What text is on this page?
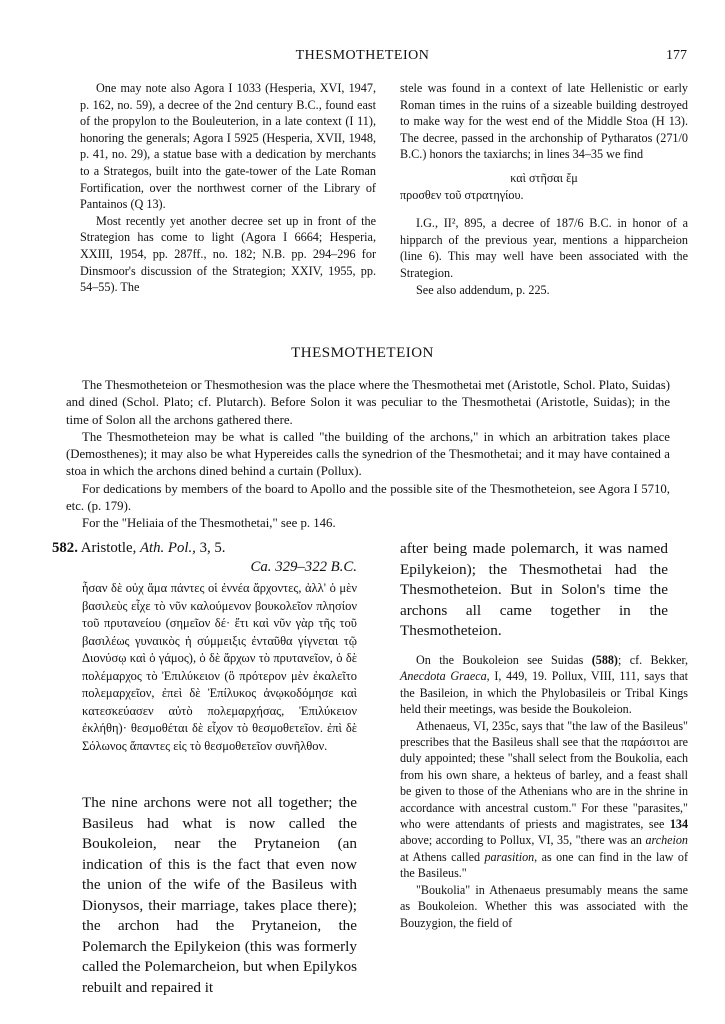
THESMOTHETEION	177

One may note also Agora I 1033 (Hesperia, XVI, 1947, p. 162, no. 59), a decree of the 2nd century B.C., found east of the propylon to the Bouleuterion, in a late context (I 11), honoring the generals; Agora I 5925 (Hesperia, XVII, 1948, p. 41, no. 29), a statue base with a dedication by merchants to a Strategos, built into the gate-tower of the Late Roman Fortification, over the northwest corner of the Library of Pantainos (Q 13).

Most recently yet another decree set up in front of the Strategion has come to light (Agora I 6664; Hesperia, XXIII, 1954, pp. 287ff., no. 182; N.B. pp. 294–296 for Dinsmoor's discussion of the Strategion; XXIV, 1955, pp. 54–55). The

stele was found in a context of late Hellenistic or early Roman times in the ruins of a sizeable building destroyed to make way for the west end of the Middle Stoa (H 13). The decree, passed in the archonship of Pytharatos (271/0 B.C.) honors the taxiarchs; in lines 34–35 we find

καὶ στῆσαι ἔμ
προσθεν τοῦ στρατηγίου.

I.G., II², 895, a decree of 187/6 B.C. in honor of a hipparch of the previous year, mentions a hipparcheion (line 6). This may well have been associated with the Strategion.

See also addendum, p. 225.

THESMOTHETEION

The Thesmotheteion or Thesmothesion was the place where the Thesmothetai met (Aristotle, Schol. Plato, Suidas) and dined (Schol. Plato; cf. Plutarch). Before Solon it was peculiar to the Thesmothetai (Aristotle, Suidas); in the time of Solon all the archons gathered there.

The Thesmotheteion may be what is called "the building of the archons," in which an arbitration takes place (Demosthenes); it may also be what Hypereides calls the synedrion of the Thesmothetai; and it may have contained a stoa in which the archons dined behind a curtain (Pollux).

For dedications by members of the board to Apollo and the possible site of the Thesmotheteion, see Agora I 5710, etc. (p. 179).

For the "Heliaia of the Thesmothetai," see p. 146.

582. Aristotle, Ath. Pol., 3, 5.
Ca. 329–322 B.C.
ἦσαν δὲ οὐχ ἅμα πάντες οἱ ἐννέα ἄρχοντες, ἀλλ' ὁ μὲν βασιλεὺς εἶχε τὸ νῦν καλούμενον βουκολεῖον πλησίον τοῦ πρυτανείου (σημεῖον δέ· ἔτι καὶ νῦν γὰρ τῆς τοῦ βασιλέως γυναικὸς ἡ σύμμειξις ἐνταῦθα γίγνεται τῷ Διονύσῳ καὶ ὁ γάμος), ὁ δὲ ἄρχων τὸ πρυτανεῖον, ὁ δὲ πολέμαρχος τὸ Ἐπιλύκειον (ὃ πρότερον μὲν ἐκαλεῖτο πολεμαρχεῖον, ἐπεὶ δὲ Ἐπίλυκος ἀνῳκοδόμησε καὶ κατεσκεύασεν αὐτὸ πολεμαρχήσας, Ἐπιλύκειον ἐκλήθη)· θεσμοθέται δὲ εἶχον τὸ θεσμοθετεῖον. ἐπὶ δὲ Σόλωνος ἅπαντες εἰς τὸ θεσμοθετεῖον συνῆλθον.

The nine archons were not all together; the Basileus had what is now called the Boukoleion, near the Prytaneion (an indication of this is the fact that even now the union of the wife of the Basileus with Dionysos, their marriage, takes place there); the archon had the Prytaneion, the Polemarch the Epilykeion (this was formerly called the Polemarcheion, but when Epilykos rebuilt and repaired it

after being made polemarch, it was named Epilykeion); the Thesmothetai had the Thesmotheteion. But in Solon's time the archons all came together in the Thesmotheteion.

On the Boukoleion see Suidas (588); cf. Bekker, Anecdota Graeca, I, 449, 19. Pollux, VIII, 111, says that the Basileion, in which the Phylobasileis or Tribal Kings held their meetings, was beside the Boukoleion.

Athenaeus, VI, 235c, says that "the law of the Basileus" prescribes that the Basileus shall see that the παράσιτοι are duly appointed; these "shall select from the Boukolia, each from his own share, a hekteus of barley, and a feast shall be given to those of the Athenians who are in the shrine in accordance with ancestral custom." For these "parasites," who were attendants of priests and magistrates, see 134 above; according to Pollux, VI, 35, "there was an archeion at Athens called parasition, as one can find in the law of the Basileus."

"Boukolia" in Athenaeus presumably means the same as Boukoleion. Whether this was associated with the Bouzygion, the field of
